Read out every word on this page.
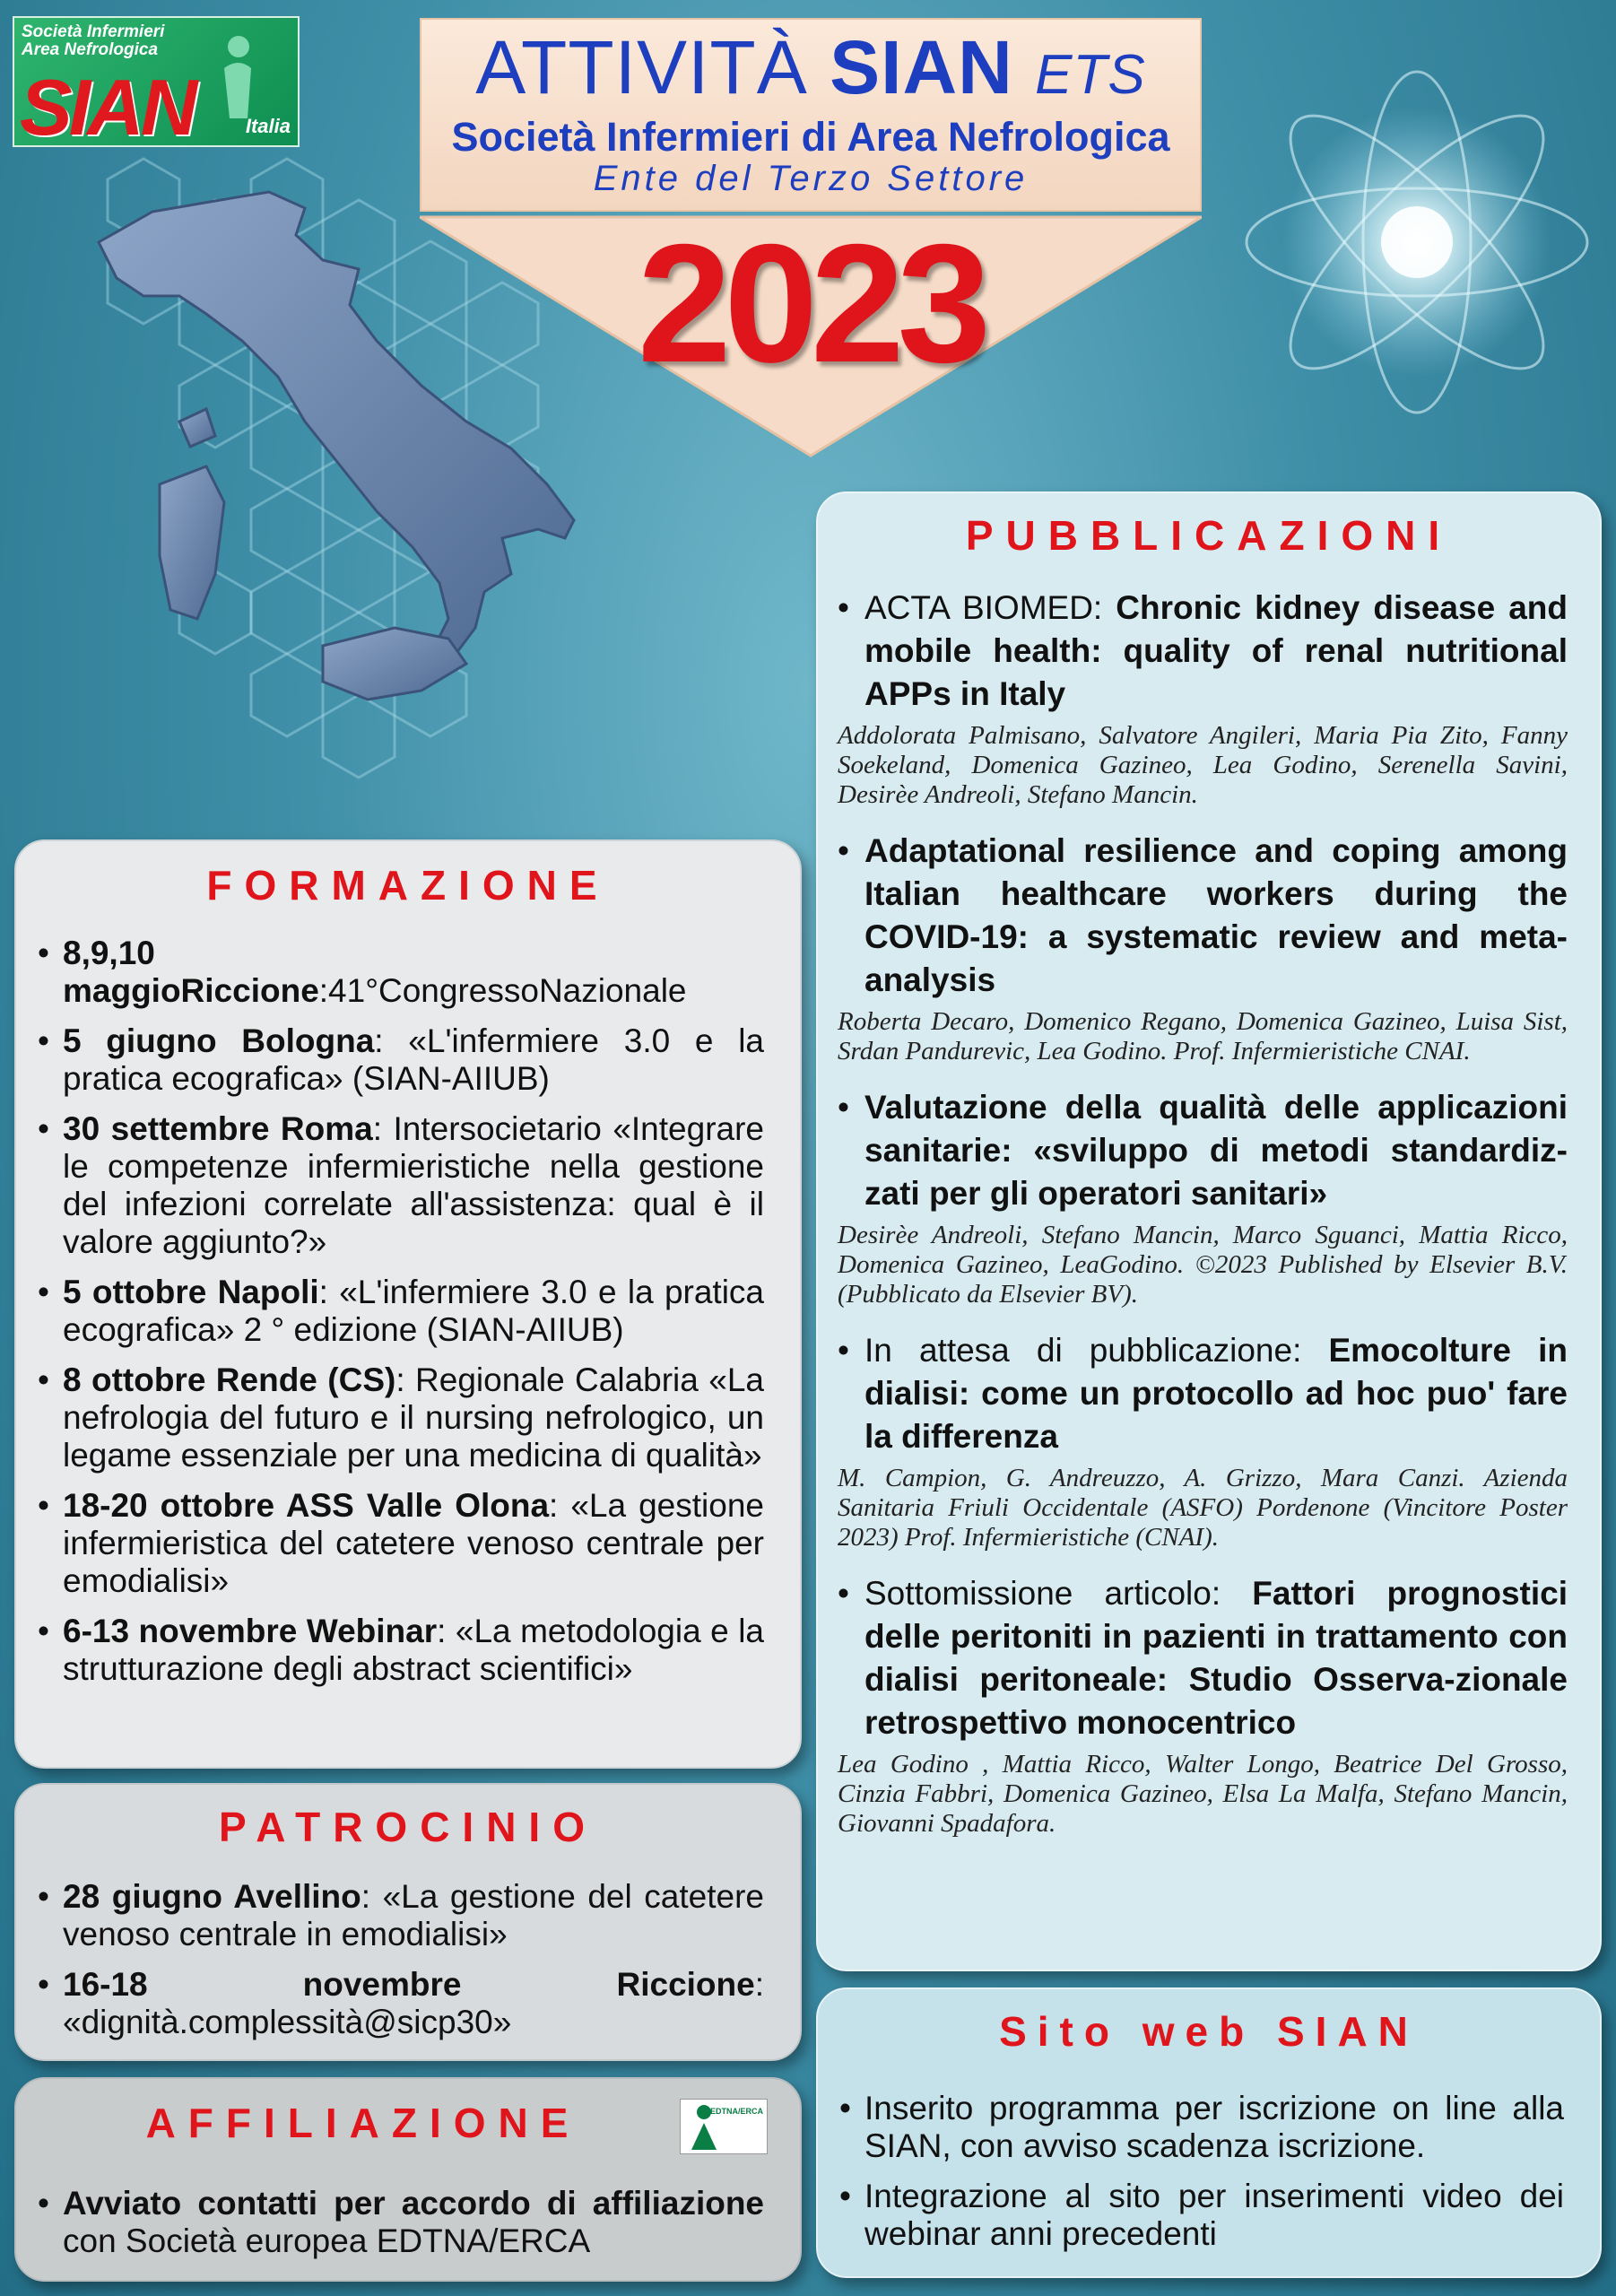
Società Infermieri
Area Nefrologica
SIAN	Italia
ATTIVITÀ SIAN ETS
Società Infermieri di Area Nefrologica
Ente del Terzo Settore
2023
FORMAZIONE
• 8,9,10 maggioRiccione:41°CongressoNazionale
• 5 giugno Bologna: «L'infermiere 3.0 e la pratica ecografica» (SIAN-AIIUB)
• 30 settembre Roma: Intersocietario «Integrare le competenze infermieristiche nella gestione del infezioni correlate all'assistenza: qual è il valore aggiunto?»
• 5 ottobre Napoli: «L'infermiere 3.0 e la pratica ecografica» 2 ° edizione (SIAN-AIIUB)
• 8 ottobre Rende (CS): Regionale Calabria «La nefrologia del futuro e il nursing nefrologico, un legame essenziale per una medicina di qualità»
• 18-20 ottobre ASS Valle Olona: «La gestione infermieristica del catetere venoso centrale per emodialisi»
• 6-13 novembre Webinar: «La metodologia e la strutturazione degli abstract scientifici»
PATROCINIO
• 28 giugno Avellino: «La gestione del catetere venoso centrale in emodialisi»
• 16-18 novembre Riccione: «dignità.complessità@sicp30»
AFFILIAZIONE	EDTNA/ERCA
• Avviato contatti per accordo di affiliazione con Società europea EDTNA/ERCA
PUBBLICAZIONI
• ACTA BIOMED: Chronic kidney disease and mobile health: quality of renal nutritional APPs in Italy
Addolorata Palmisano, Salvatore Angileri, Maria Pia Zito, Fanny Soekeland, Domenica Gazineo, Lea Godino, Serenella Savini, Desirèe Andreoli, Stefano Mancin.
• Adaptational resilience and coping among Italian healthcare workers during the COVID-19: a systematic review and meta-analysis
Roberta Decaro, Domenico Regano, Domenica Gazineo, Luisa Sist, Srdan Pandurevic, Lea Godino. Prof. Infermieristiche CNAI.
• Valutazione della qualità delle applicazioni sanitarie: «sviluppo di metodi standardiz-zati per gli operatori sanitari»
Desirèe Andreoli, Stefano Mancin, Marco Sguanci, Mattia Ricco, Domenica Gazineo, LeaGodino. ©2023 Published by Elsevier B.V. (Pubblicato da Elsevier BV).
• In attesa di pubblicazione: Emocolture in dialisi: come un protocollo ad hoc puo' fare la differenza
M. Campion, G. Andreuzzo, A. Grizzo, Mara Canzi. Azienda Sanitaria Friuli Occidentale (ASFO) Pordenone (Vincitore Poster 2023) Prof. Infermieristiche (CNAI).
• Sottomissione articolo: Fattori prognostici delle peritoniti in pazienti in trattamento con dialisi peritoneale: Studio Osserva-zionale retrospettivo monocentrico
Lea Godino , Mattia Ricco, Walter Longo, Beatrice Del Grosso, Cinzia Fabbri, Domenica Gazineo, Elsa La Malfa, Stefano Mancin, Giovanni Spadafora.
Sito web SIAN
• Inserito programma per iscrizione on line alla SIAN, con avviso scadenza iscrizione.
• Integrazione al sito per inserimenti video dei webinar anni precedenti
